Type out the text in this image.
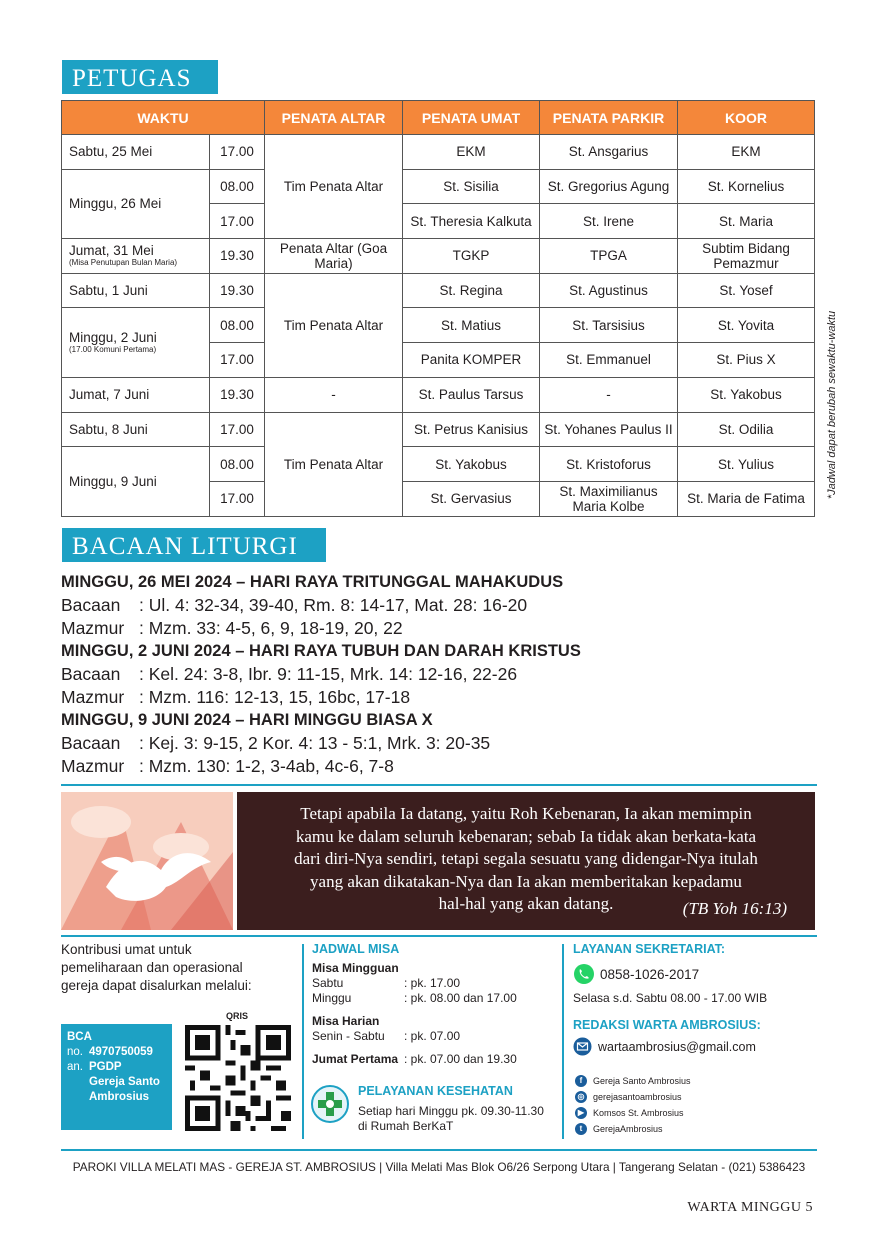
PETUGAS
WAKTU		PENATA ALTAR	PENATA UMAT	PENATA PARKIR	KOOR
Sabtu, 25 Mei	17.00	Tim Penata Altar	EKM	St. Ansgarius	EKM
Minggu, 26 Mei	08.00		St. Sisilia	St. Gregorius Agung	St. Kornelius
	17.00		St. Theresia Kalkuta	St. Irene	St. Maria
Jumat, 31 Mei
(Misa Penutupan Bulan Maria)	19.30	Penata Altar (Goa Maria)	TGKP	TPGA	Subtim Bidang Pemazmur
Sabtu, 1 Juni	19.30	Tim Penata Altar	St. Regina	St. Agustinus	St. Yosef
Minggu, 2 Juni
(17.00 Komuni Pertama)	08.00		St. Matius	St. Tarsisius	St. Yovita
	17.00		Panita KOMPER	St. Emmanuel	St. Pius X
Jumat, 7 Juni	19.30	-	St. Paulus Tarsus	-	St. Yakobus
Sabtu, 8 Juni	17.00	Tim Penata Altar	St. Petrus Kanisius	St. Yohanes Paulus II	St. Odilia
Minggu, 9 Juni	08.00		St. Yakobus	St. Kristoforus	St. Yulius
	17.00		St. Gervasius	St. Maximilianus Maria Kolbe	St. Maria de Fatima *Jadwal dapat berubah sewaktu-waktu
BACAAN LITURGI
MINGGU, 26 MEI 2024 – HARI RAYA TRITUNGGAL MAHAKUDUS
Bacaan	: Ul. 4: 32-34, 39-40, Rm. 8: 14-17, Mat. 28: 16-20
Mazmur : Mzm. 33: 4-5, 6, 9, 18-19, 20, 22
MINGGU, 2 JUNI 2024 – HARI RAYA TUBUH DAN DARAH KRISTUS
Bacaan	: Kel. 24: 3-8, Ibr. 9: 11-15, Mrk. 14: 12-16, 22-26
Mazmur : Mzm. 116: 12-13, 15, 16bc, 17-18
MINGGU, 9 JUNI 2024 – HARI MINGGU BIASA X
Bacaan	: Kej. 3: 9-15, 2 Kor. 4: 13 - 5:1, Mrk. 3: 20-35
Mazmur : Mzm. 130: 1-2, 3-4ab, 4c-6, 7-8
Tetapi apabila Ia datang, yaitu Roh Kebenaran, Ia akan memimpin
kamu ke dalam seluruh kebenaran; sebab Ia tidak akan berkata-kata
dari diri-Nya sendiri, tetapi segala sesuatu yang didengar-Nya itulah
yang akan dikatakan-Nya dan Ia akan memberitakan kepadamu
hal-hal yang akan datang.	(TB Yoh 16:13)
Kontribusi umat untuk
pemeliharaan dan operasional
gereja dapat disalurkan melalui:
BCA
no. 4970750059
an. PGDP
Gereja Santo
Ambrosius
QRIS
JADWAL MISA
Misa Mingguan
Sabtu	: pk. 17.00
Minggu	: pk. 08.00 dan 17.00
Misa Harian
Senin - Sabtu	: pk. 07.00
Jumat Pertama : pk. 07.00 dan 19.30
PELAYANAN KESEHATAN
Setiap hari Minggu pk. 09.30-11.30
di Rumah BerKaT
LAYANAN SEKRETARIAT:
0858-1026-2017
Selasa s.d. Sabtu 08.00 - 17.00 WIB
REDAKSI WARTA AMBROSIUS:
wartaambrosius@gmail.com
f	Gereja Santo Ambrosius
◎ gerejasantoambrosius
▶ Komsos St. Ambrosius
t	GerejaAmbrosius
PAROKI VILLA MELATI MAS - GEREJA ST. AMBROSIUS | Villa Melati Mas Blok O6/26 Serpong Utara | Tangerang Selatan - (021) 5386423
WARTA MINGGU 5
